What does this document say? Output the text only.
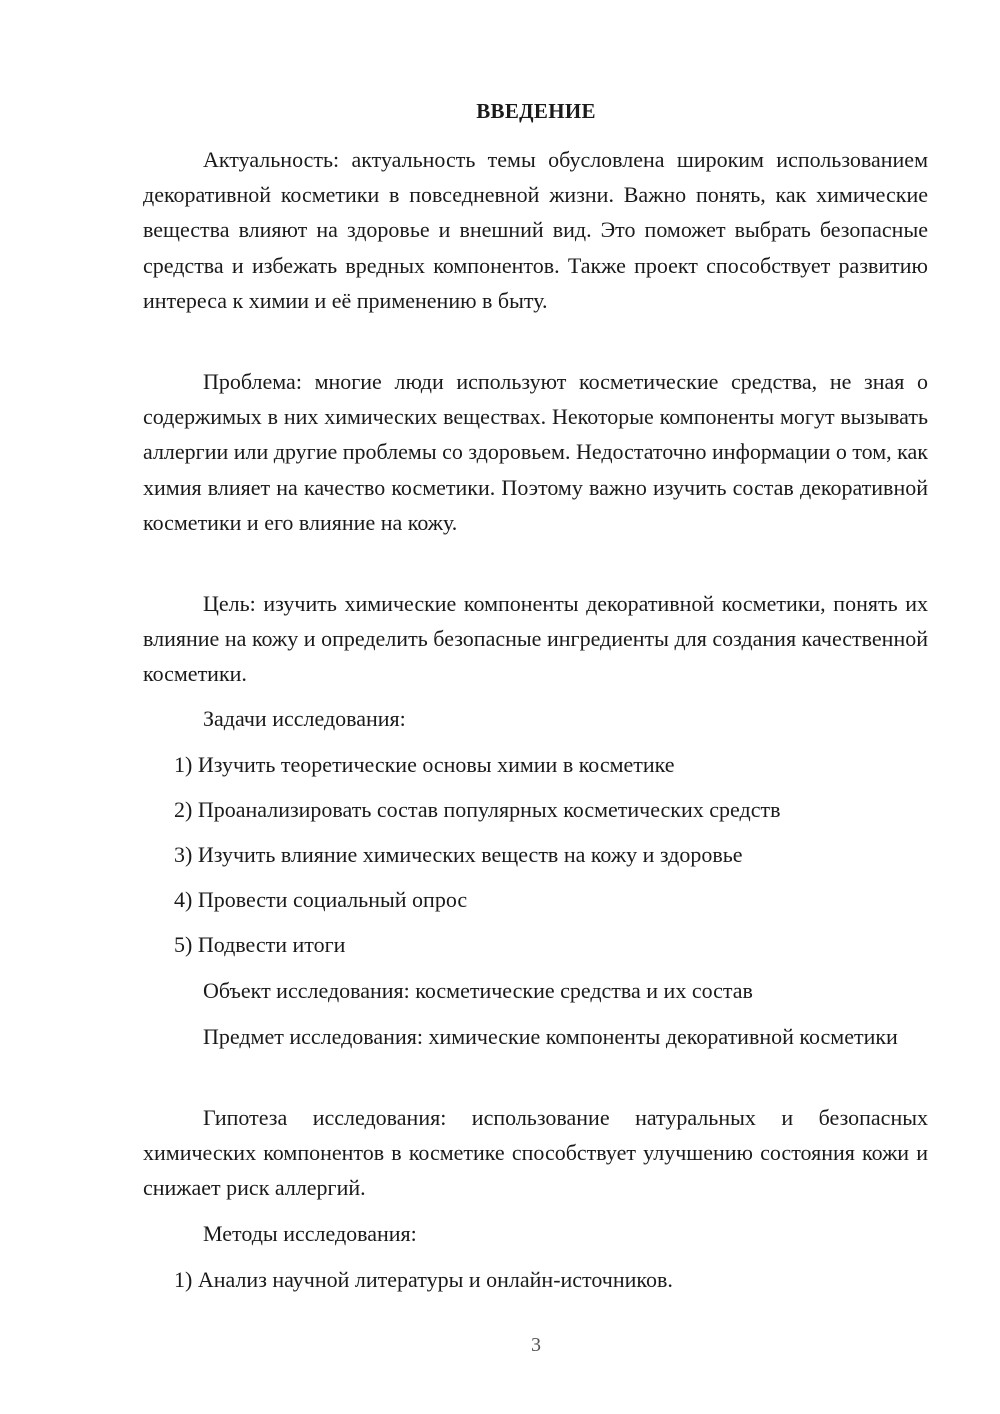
ВВЕДЕНИЕ

Актуальность: актуальность темы обусловлена широким использованием декоративной косметики в повседневной жизни. Важно понять, как химические вещества влияют на здоровье и внешний вид. Это поможет выбрать безопасные средства и избежать вредных компонентов. Также проект способствует развитию интереса к химии и её применению в быту.

Проблема: многие люди используют косметические средства, не зная о содержимых в них химических веществах. Некоторые компоненты могут вызывать аллергии или другие проблемы со здоровьем. Недостаточно информации о том, как химия влияет на качество косметики. Поэтому важно изучить состав декоративной косметики и его влияние на кожу.

Цель: изучить химические компоненты декоративной косметики, понять их влияние на кожу и определить безопасные ингредиенты для создания качественной косметики.

Задачи исследования:

1) Изучить теоретические основы химии в косметике

2) Проанализировать состав популярных косметических средств

3) Изучить влияние химических веществ на кожу и здоровье

4) Провести социальный опрос

5) Подвести итоги

Объект исследования: косметические средства и их состав

Предмет исследования: химические компоненты декоративной косметики

Гипотеза исследования: использование натуральных и безопасных химических компонентов в косметике способствует улучшению состояния кожи и снижает риск аллергий.

Методы исследования:

1) Анализ научной литературы и онлайн-источников.

3
